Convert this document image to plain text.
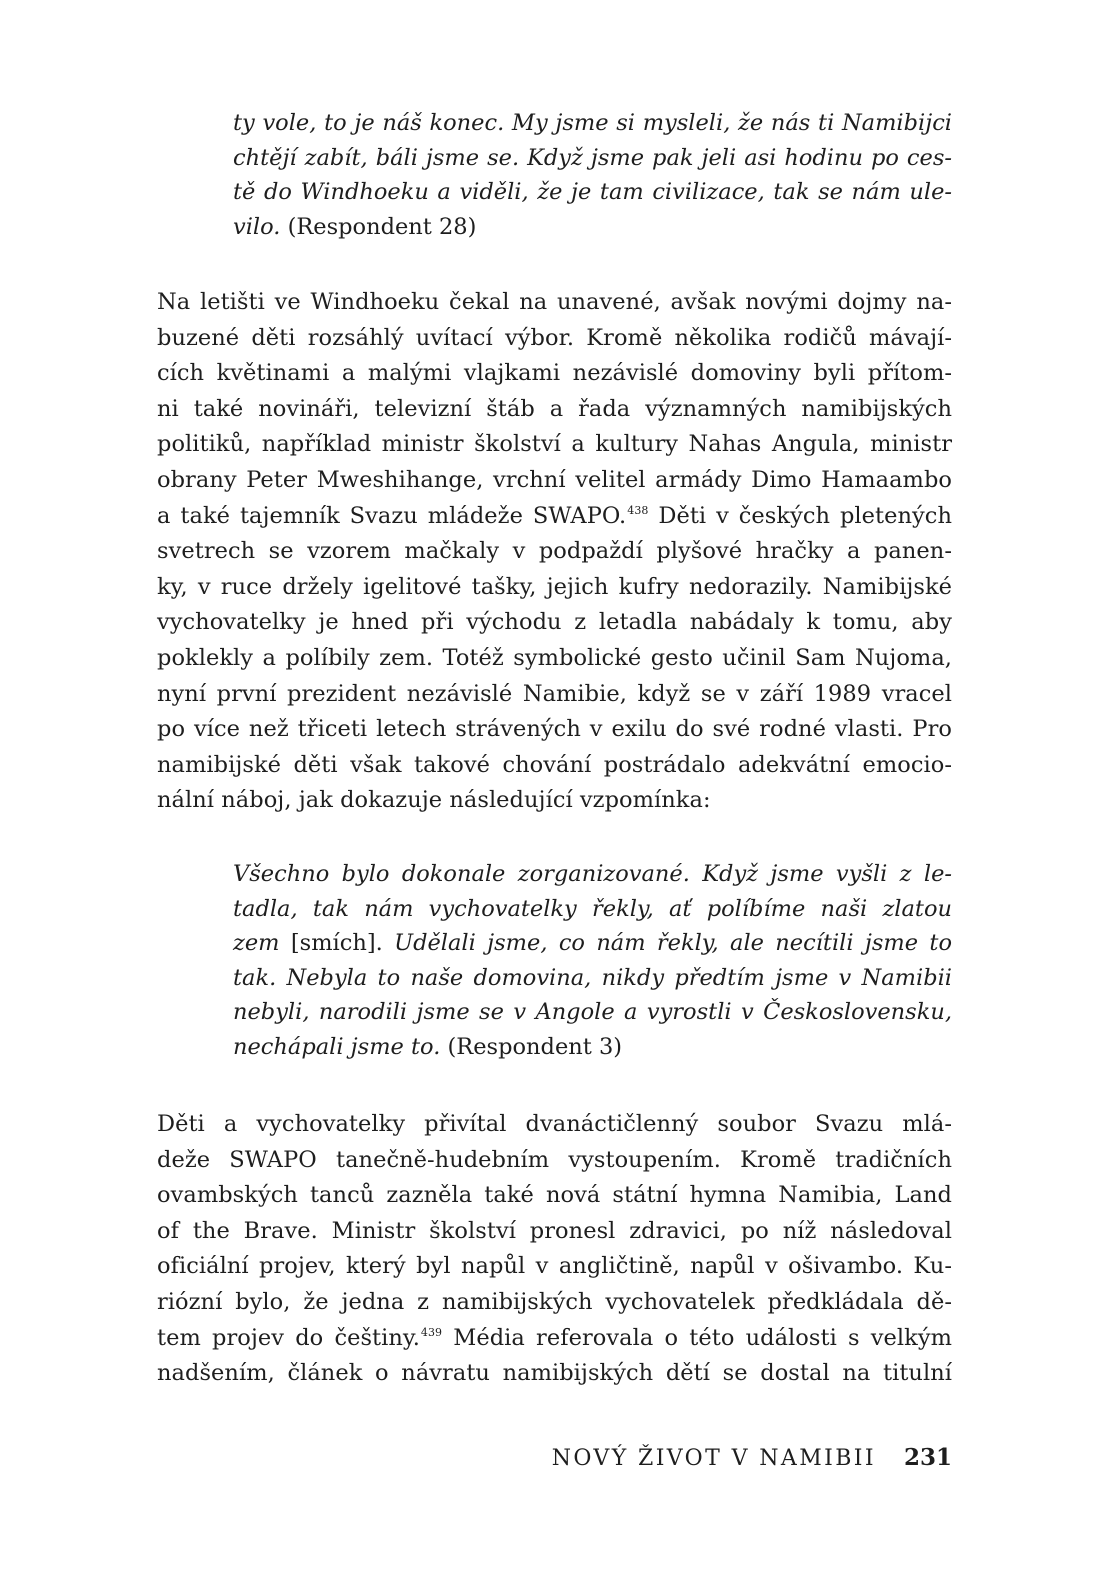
ty vole, to je náš konec. My jsme si mysleli, že nás ti Namibijci
chtějí zabít, báli jsme se. Když jsme pak jeli asi hodinu po ces-
tě do Windhoeku a viděli, že je tam civilizace, tak se nám ule-
vilo. (Respondent 28)
Na letišti ve Windhoeku čekal na unavené, avšak novými dojmy na-
buzené děti rozsáhlý uvítací výbor. Kromě několika rodičů mávají-
cích květinami a malými vlajkami nezávislé domoviny byli přítom-
ni také novináři, televizní štáb a řada významných namibijských
politiků, například ministr školství a kultury Nahas Angula, ministr
obrany Peter Mweshihange, vrchní velitel armády Dimo Hamaambo
a také tajemník Svazu mládeže SWAPO.$^{438}$ Děti v českých pletených
svetrech se vzorem mačkaly v podpaždí plyšové hračky a panen-
ky, v ruce držely igelitové tašky, jejich kufry nedorazily. Namibijské
vychovatelky je hned při východu z letadla nabádaly k tomu, aby
poklekly a políbily zem. Totéž symbolické gesto učinil Sam Nujoma,
nyní první prezident nezávislé Namibie, když se v září 1989 vracel
po více než třiceti letech strávených v exilu do své rodné vlasti. Pro
namibijské děti však takové chování postrádalo adekvátní emocio-
nální náboj, jak dokazuje následující vzpomínka:
Všechno bylo dokonale zorganizované. Když jsme vyšli z le-
tadla, tak nám vychovatelky řekly, ať políbíme naši zlatou
zem [smích]. Udělali jsme, co nám řekly, ale necítili jsme to
tak. Nebyla to naše domovina, nikdy předtím jsme v Namibii
nebyli, narodili jsme se v Angole a vyrostli v Československu,
nechápali jsme to. (Respondent 3)
Děti a vychovatelky přivítal dvanáctičlenný soubor Svazu mlá-
deže SWAPO tanečně-hudebním vystoupením. Kromě tradičních
ovambských tanců zazněla také nová státní hymna Namibia, Land
of the Brave. Ministr školství pronesl zdravici, po níž následoval
oficiální projev, který byl napůl v angličtině, napůl v ošivambo. Ku-
riózní bylo, že jedna z namibijských vychovatelek předkládala dě-
tem projev do češtiny.$^{439}$ Média referovala o této události s velkým
nadšením, článek o návratu namibijských dětí se dostal na titulní
NOVÝ ŽIVOT V NAMIBII 231
